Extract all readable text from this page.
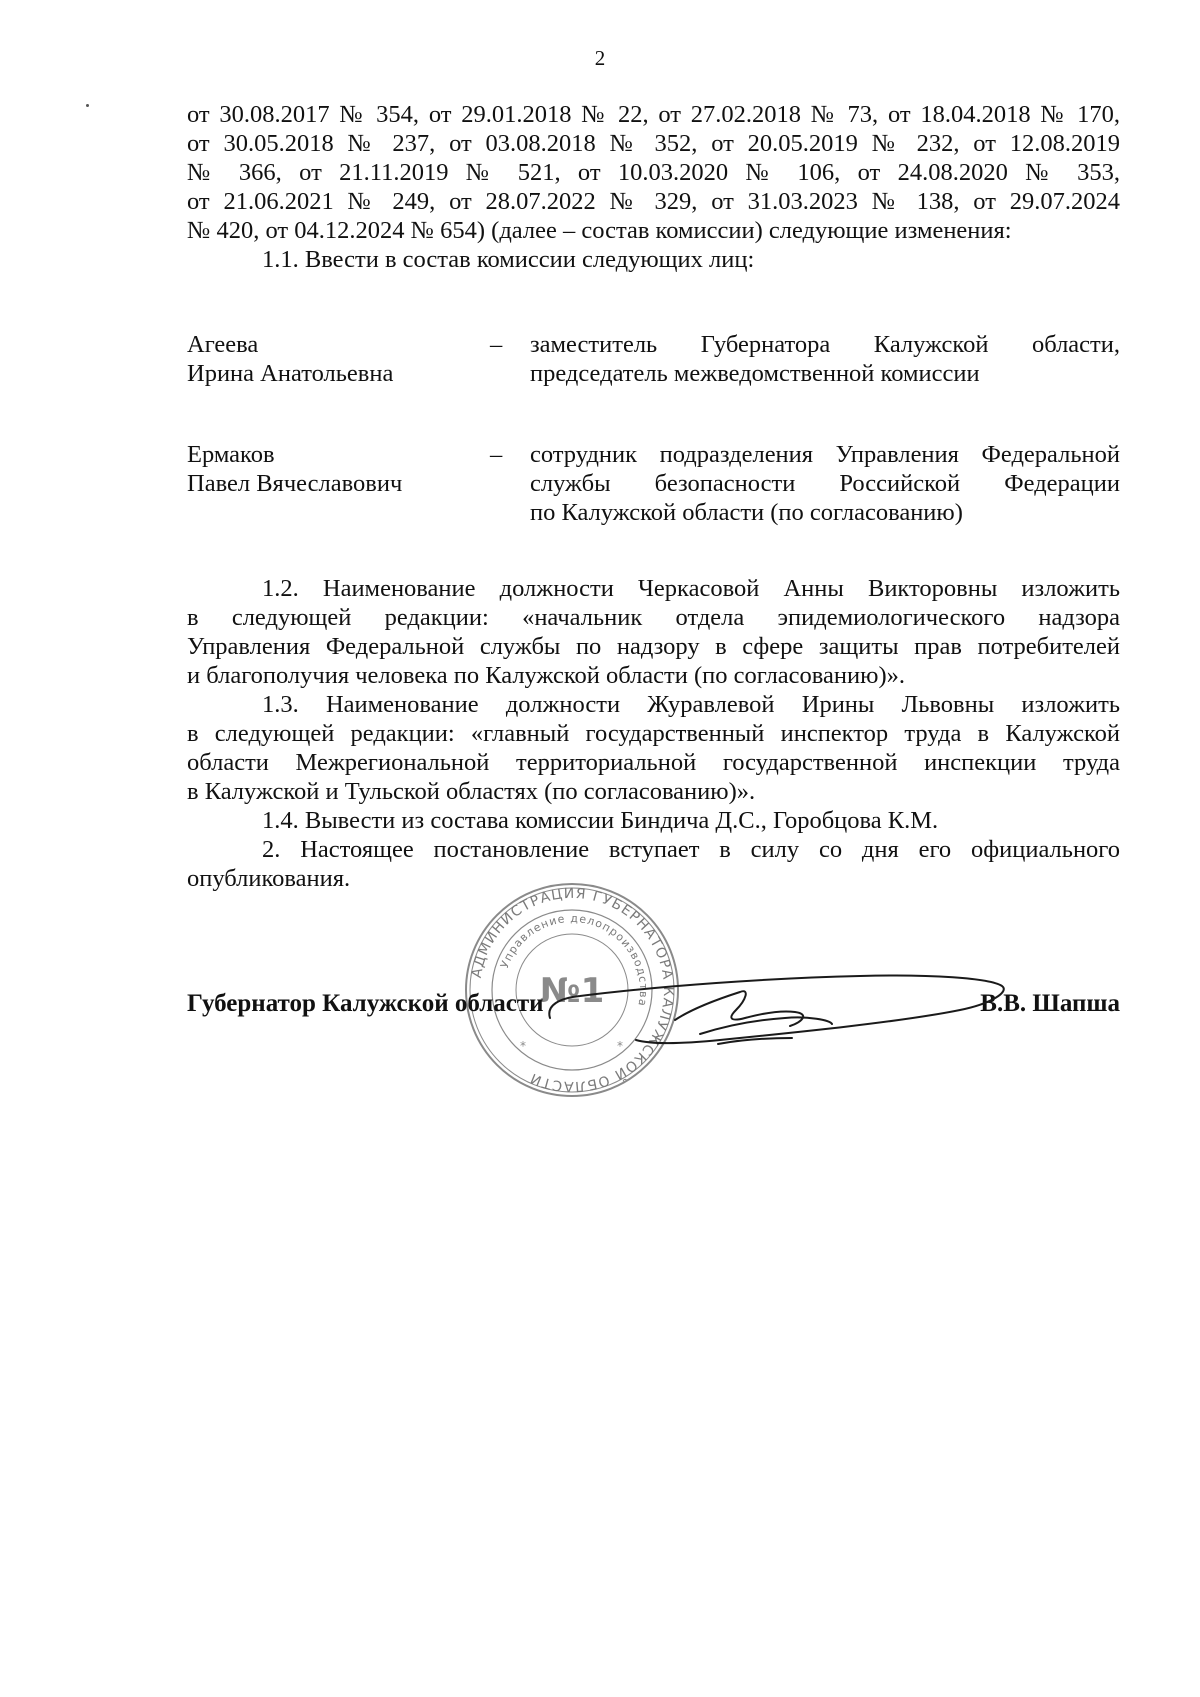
2

от 30.08.2017 № 354, от 29.01.2018 № 22, от 27.02.2018 № 73, от 18.04.2018 № 170,

от 30.05.2018 № 237, от 03.08.2018 № 352, от 20.05.2019 № 232, от 12.08.2019

№ 366, от 21.11.2019 № 521, от 10.03.2020 № 106, от 24.08.2020 № 353,

от 21.06.2021 № 249, от 28.07.2022 № 329, от 31.03.2023 № 138, от 29.07.2024

№ 420, от 04.12.2024 № 654) (далее – состав комиссии) следующие изменения:

1.1. Ввести в состав комиссии следующих лиц:

Агеева
Ирина Анатольевна
– заместитель Губернатора Калужской области,

председатель межведомственной комиссии

Ермаков
Павел Вячеславович
– сотрудник подразделения Управления Федеральной

службы безопасности Российской Федерации

по Калужской области (по согласованию)

1.2. Наименование должности Черкасовой Анны Викторовны изложить

в следующей редакции: «начальник отдела эпидемиологического надзора

Управления Федеральной службы по надзору в сфере защиты прав потребителей

и благополучия человека по Калужской области (по согласованию)».

1.3. Наименование должности Журавлевой Ирины Львовны изложить

в следующей редакции: «главный государственный инспектор труда в Калужской

области Межрегиональной территориальной государственной инспекции труда

в Калужской и Тульской областях (по согласованию)».

1.4. Вывести из состава комиссии Биндича Д.С., Горобцова К.М.

2. Настоящее постановление вступает в силу со дня его официального

опубликования.

АДМИНИСТРАЦИЯ ГУБЕРНАТОРА КАЛУЖСКОЙ ОБЛАСТИ
Управление делопроизводства
№1
*	*
Губернатор Калужской области	В.В. Шапша
